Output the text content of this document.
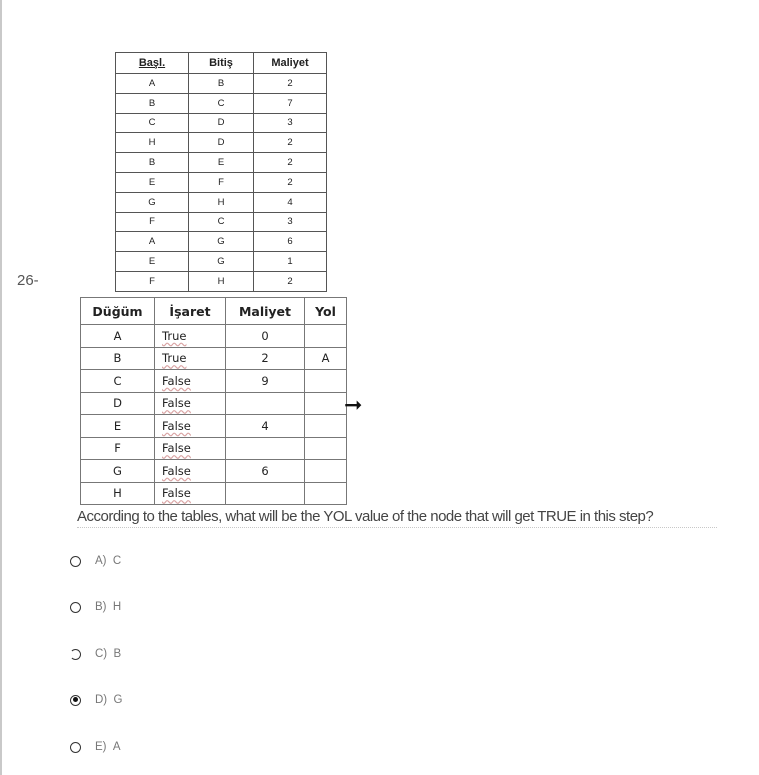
26-
Başl.	Bitiş	Maliyet
A	B	2
B	C	7
C	D	3
H	D	2
B	E	2
E	F	2
G	H	4
F	C	3
A	G	6
E	G	1
F	H	2
Düğüm	İşaret	Maliyet	Yol
A	True	0	
B	True	2	A
C	False	9	
D	False		
E	False	4	
F	False		
G	False	6	
H	False		
➞
According to the tables, what will be the YOL value of the node that will get TRUE in this step?
A)
C
B)
H
C)
B
D)
G
E)
A
